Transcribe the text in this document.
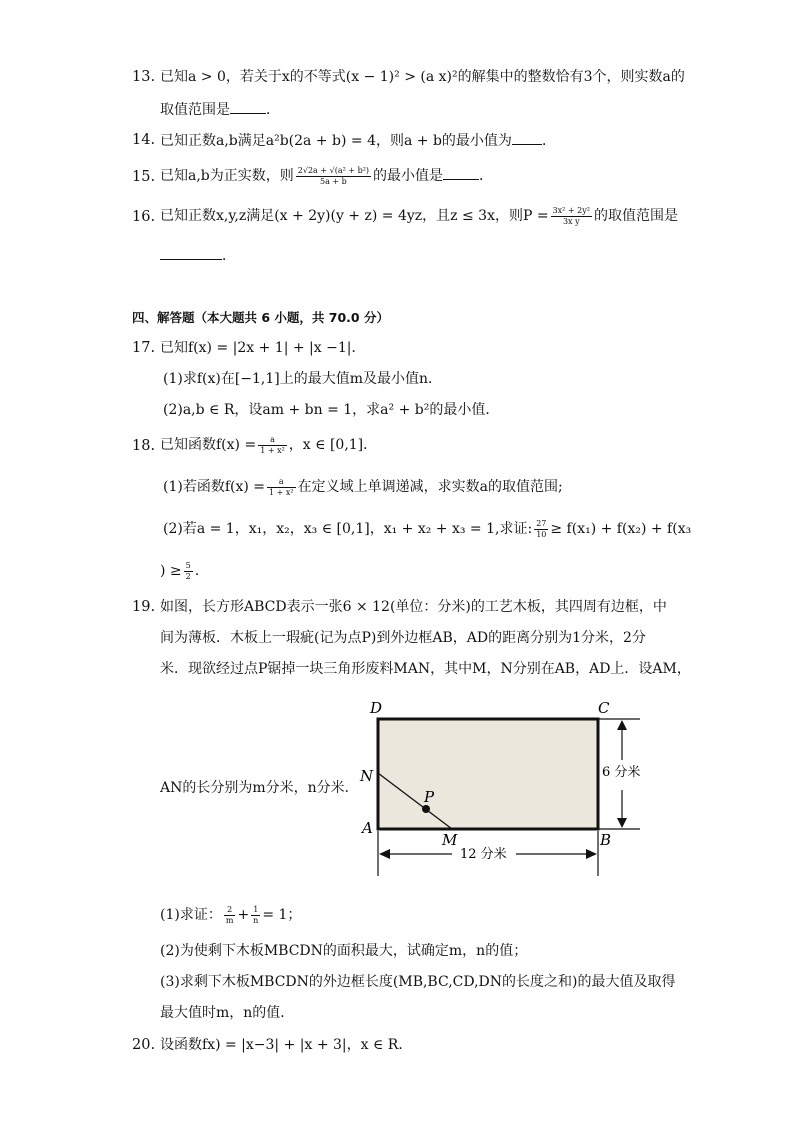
13. 已知a > 0，若关于x的不等式(x − 1)² > (a x)²的解集中的整数恰有3个，则实数a的
取值范围是	．
14. 已知正数a,b满足a²b(2a + b) = 4，则a + b的最小值为 ．
15. 已知a,b为正实数，则 $\frac{\text{2√2a + √(a² + b²)}}{5a + b}$ 的最小值是	．
16. 已知正数x,y,z满足(x + 2y)(y + z) = 4yz，且z ≤ 3x，则$P = \frac{\text{3x² + 2y²}}{\text{3x y}}$ 的取值范围是
．
四、解答题（本大题共 6 小题，共 70.0 分）
17. 已知f(x) = |2x + 1| + |x −1|．
(1)求f(x)在[−1,1]上的最大值m及最小值n．
(2)a,b ∈ R，设am + bn = 1，求a² + b²的最小值．
18. 已知函数$f(x) = \frac{a}{\text{1 + x²}}$ ，x ∈ [0,1]．
(1)若函数$f(x) = \frac{a}{\text{1 + x²}}$ 在定义域上单调递减，求实数a的取值范围;
(2)若a = 1，x₁，x₂，x₃ ∈ [0,1]，x₁ + x₂ + x₃ = 1,求证: $\frac{27}{10} \ge f(x_1) + f(x_2) + f(x_3$
) ≥ $\frac{5}{2}$ .
19. 如图，长方形ABCD表示一张6 × 12(单位：分米)的工艺木板，其四周有边框，中
间为薄板．木板上一瑕疵(记为点P)到外边框AB，AD的距离分别为1分米，2分
米．现欲经过点P锯掉一块三角形废料MAN，其中M，N分别在AB，AD上．设AM，
AN的长分别为m分米，n分米．
D	C
N
P
A
M	B
6 分米
12 分米
(1)求证： $\frac{2}{m} + \frac{1}{n} = 1$；
(2)为使剩下木板MBCDN的面积最大，试确定m，n的值；
(3)求剩下木板MBCDN的外边框长度(MB,BC,CD,DN的长度之和)的最大值及取得
最大值时m，n的值．
20. 设函数fx) = |x−3| + |x + 3|，x ∈ R．
